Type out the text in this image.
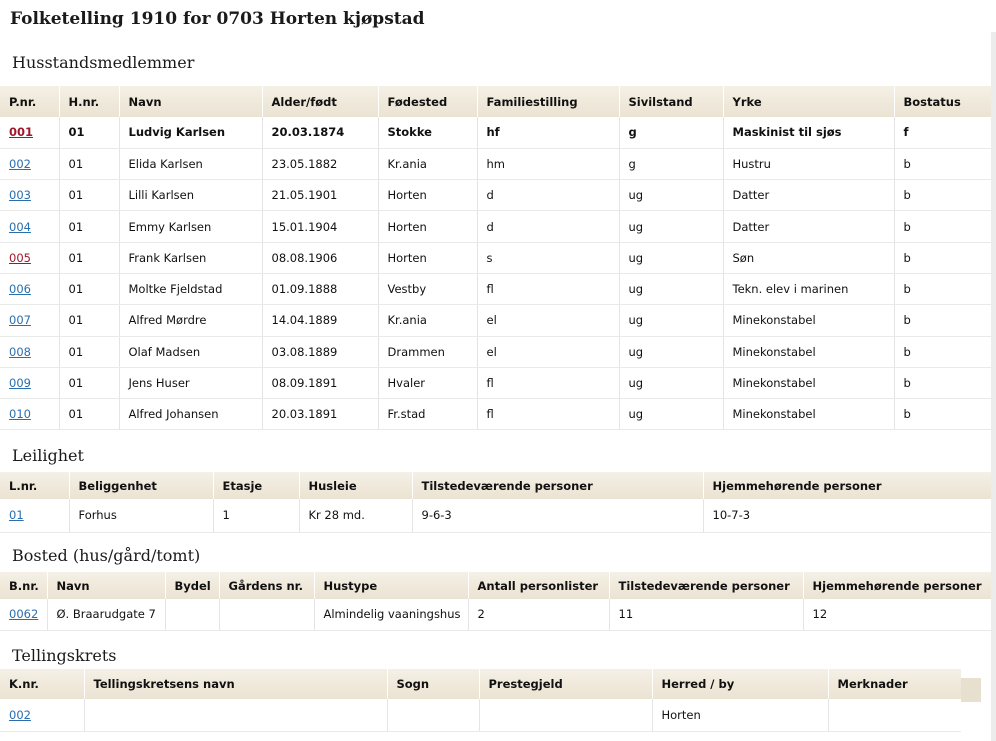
Folketelling 1910 for 0703 Horten kjøpstad
Husstandsmedlemmer
P.nr.	H.nr.	Navn	Alder/født	Fødested	Familiestilling	Sivilstand	Yrke	Bostatus
001	01	Ludvig Karlsen	20.03.1874	Stokke	hf	g	Maskinist til sjøs	f
002	01	Elida Karlsen	23.05.1882	Kr.ania	hm	g	Hustru	b
003	01	Lilli Karlsen	21.05.1901	Horten	d	ug	Datter	b
004	01	Emmy Karlsen	15.01.1904	Horten	d	ug	Datter	b
005	01	Frank Karlsen	08.08.1906	Horten	s	ug	Søn	b
006	01	Moltke Fjeldstad	01.09.1888	Vestby	fl	ug	Tekn. elev i marinen	b
007	01	Alfred Mørdre	14.04.1889	Kr.ania	el	ug	Minekonstabel	b
008	01	Olaf Madsen	03.08.1889	Drammen	el	ug	Minekonstabel	b
009	01	Jens Huser	08.09.1891	Hvaler	fl	ug	Minekonstabel	b
010	01	Alfred Johansen	20.03.1891	Fr.stad	fl	ug	Minekonstabel	b
Leilighet
L.nr.	Beliggenhet	Etasje	Husleie	Tilstedeværende personer	Hjemmehørende personer
01	Forhus	1	Kr 28 md.	9-6-3	10-7-3
Bosted (hus/gård/tomt)
B.nr.	Navn	Bydel	Gårdens nr.	Hustype	Antall personlister	Tilstedeværende personer	Hjemmehørende personer
0062	Ø. Braarudgate 7			Almindelig vaaningshus	2	11	12
Tellingskrets
K.nr.	Tellingskretsens navn	Sogn	Prestegjeld	Herred / by	Merknader
002				Horten	
